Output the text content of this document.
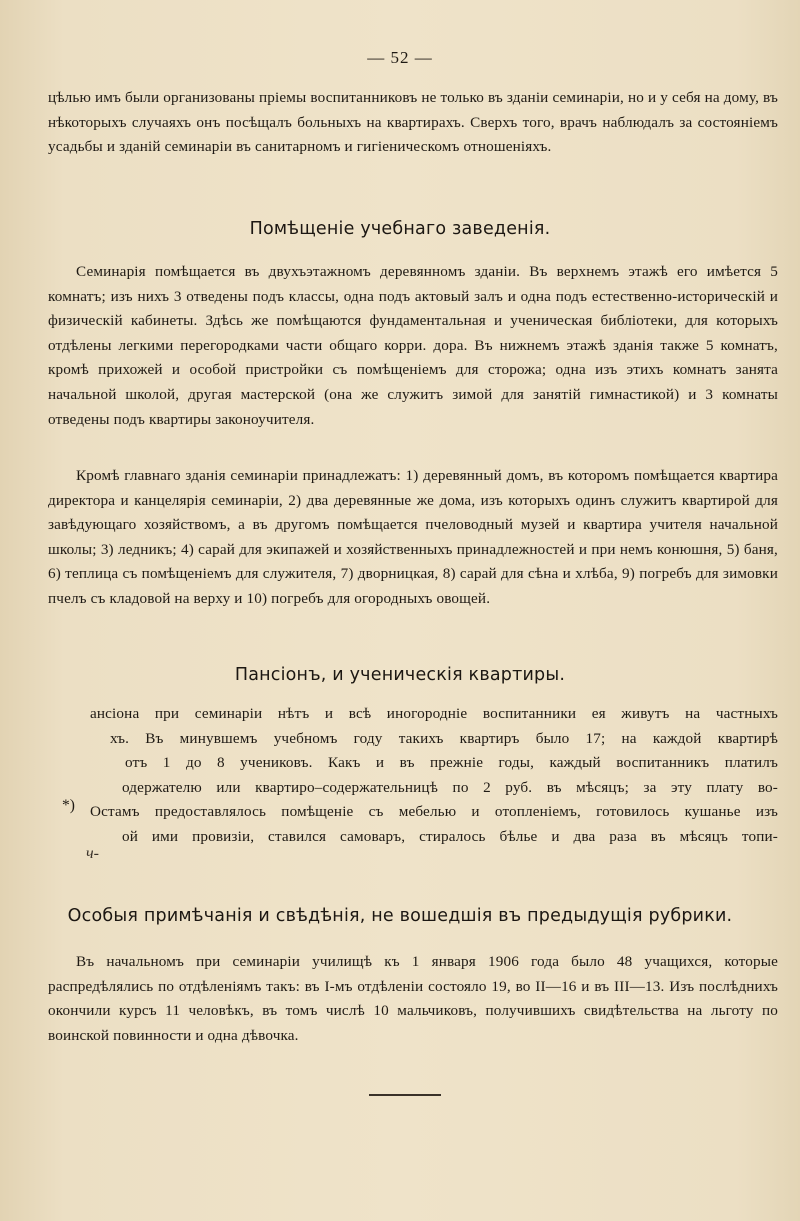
— 52 —

цѣлью имъ были организованы пріемы воспитанниковъ не только въ зданіи семинаріи, но и у себя на дому, въ нѣкоторыхъ случаяхъ онъ посѣщалъ больныхъ на квартирахъ. Сверхъ того, врачъ наблюдалъ за состояніемъ усадьбы и зданій семинаріи въ санитарномъ и гигіеническомъ отношеніяхъ.

Помѣщеніе учебнаго заведенія.

Семинарія помѣщается въ двухъэтажномъ деревянномъ зданіи. Въ верхнемъ этажѣ его имѣется 5 комнатъ; изъ нихъ 3 отведены подъ классы, одна подъ актовый залъ и одна подъ естественно-историческій и физическій кабинеты. Здѣсь же помѣщаются фундаментальная и ученическая библіотеки, для которыхъ отдѣлены легкими перегородками части общаго корри. дора. Въ нижнемъ этажѣ зданія также 5 комнатъ, кромѣ прихожей и особой пристройки съ помѣщеніемъ для сторожа; одна изъ этихъ комнатъ занята начальной школой, другая мастерской (она же служитъ зимой для занятій гимнастикой) и 3 комнаты отведены подъ квартиры законоучителя.

Кромѣ главнаго зданія семинаріи принадлежатъ: 1) деревянный домъ, въ которомъ помѣщается квартира директора и канцелярія семинаріи, 2) два деревянные же дома, изъ которыхъ одинъ служитъ квартирой для завѣдующаго хозяйствомъ, а въ другомъ помѣщается пчеловодный музей и квартира учителя начальной школы; 3) ледникъ; 4) сарай для экипажей и хозяйственныхъ принадлежностей и при немъ конюшня, 5) баня, 6) теплица съ помѣщеніемъ для служителя, 7) дворницкая, 8) сарай для сѣна и хлѣба, 9) погребъ для зимовки пчелъ съ кладовой на верху и 10) погребъ для огородныхъ овощей.

Пансіонъ, и ученическія квартиры.
ансіона при семинаріи нѣтъ и всѣ иногородніе воспитанники ея живутъ на частныхъ
хъ. Въ минувшемъ учебномъ году такихъ квартиръ было 17; на каждой квартирѣ
отъ 1 до 8 учениковъ. Какъ и въ прежніе годы, каждый воспитанникъ платилъ
одержателю или квартиро–содержательницѣ по 2 руб. въ мѣсяцъ; за эту плату во-
Остамъ предоставлялось помѣщеніе съ мебелью и отопленіемъ, готовилось кушанье изъ
ой ими провизіи, ставился самоваръ, стиралось бѣлье и два раза въ мѣсяцъ топи-
*)
ч-
Особыя примѣчанія и свѣдѣнія, не вошедшія въ предыдущія рубрики.

Въ начальномъ при семинаріи училищѣ къ 1 января 1906 года было 48 учащихся, которые распредѣлялись по отдѣленіямъ такъ: въ І-мъ отдѣленіи состояло 19, во ІІ—16 и въ ІІІ—13. Изъ послѣднихъ окончили курсъ 11 человѣкъ, въ томъ числѣ 10 мальчиковъ, получившихъ свидѣтельства на льготу по воинской повинности и одна дѣвочка.
